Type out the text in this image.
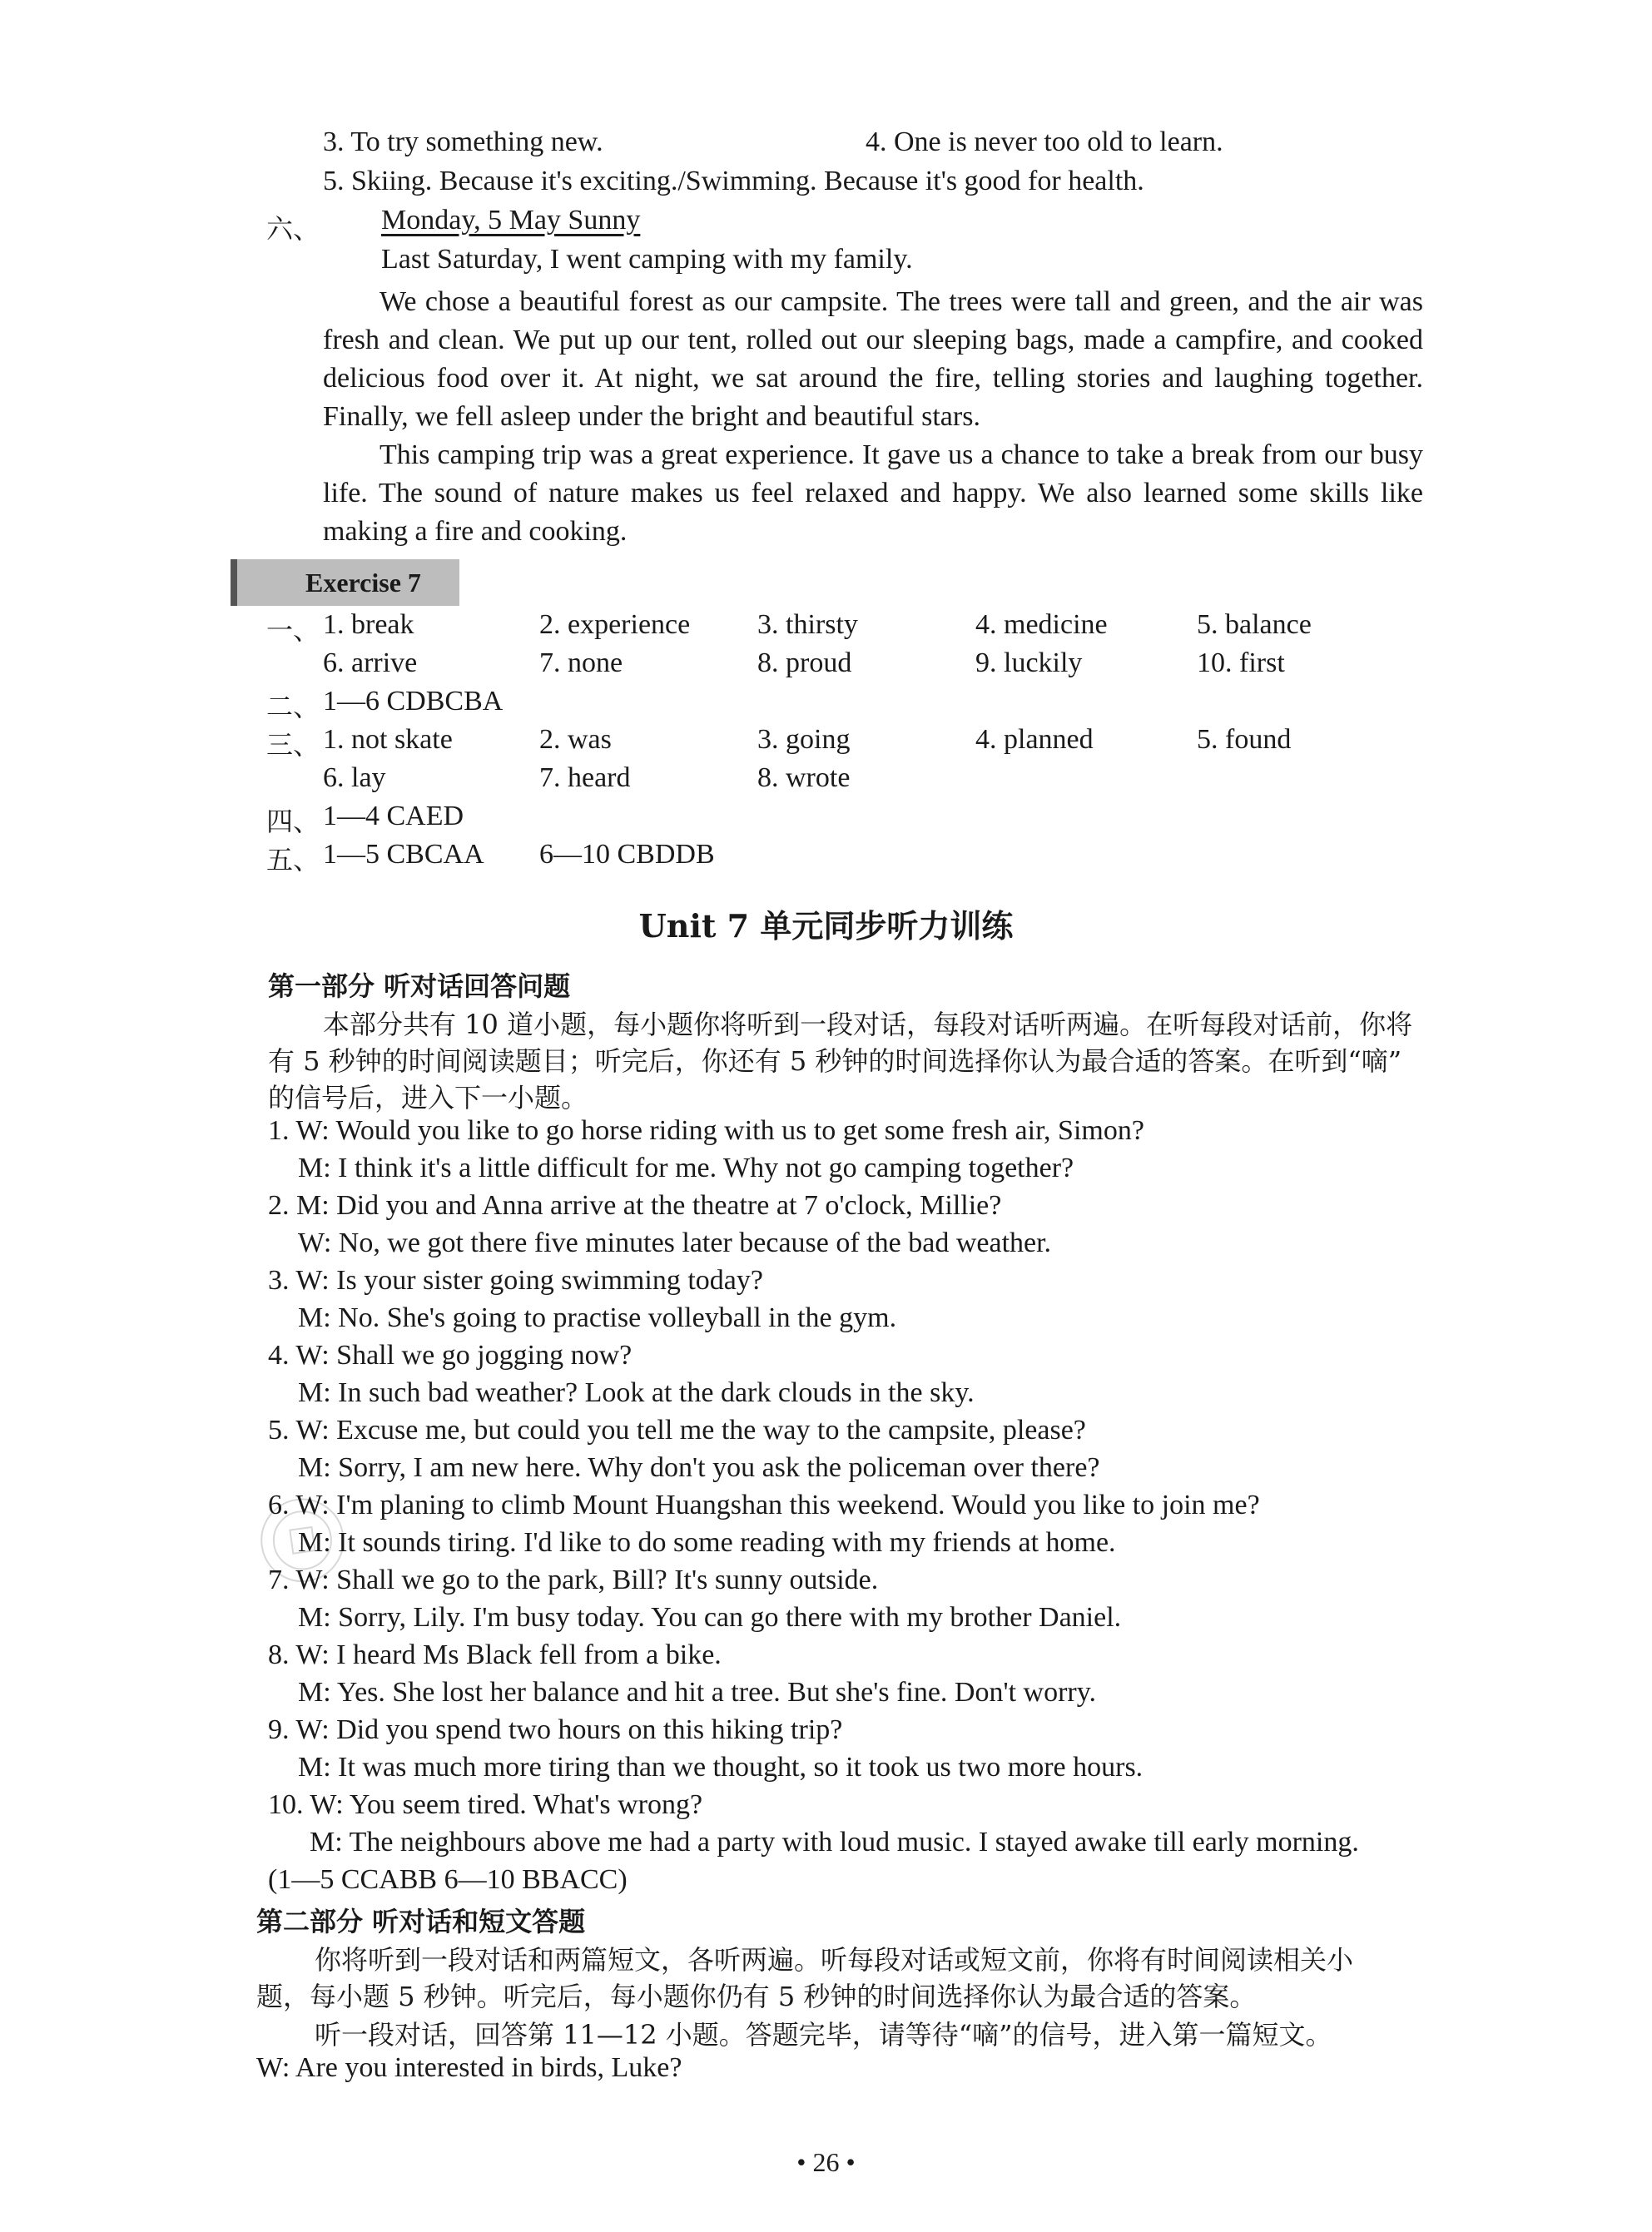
⊙
3. To try something new.	4. One is never too old to learn.
5. Skiing. Because it's exciting./Swimming. Because it's good for health.
六、 Monday, 5 May Sunny
Last Saturday, I went camping with my family.
We chose a beautiful forest as our campsite. The trees were tall and green, and the air was fresh and clean. We put up our tent, rolled out our sleeping bags, made a campfire, and cooked delicious food over it. At night, we sat around the fire, telling stories and laughing together. Finally, we fell asleep under the bright and beautiful stars.
This camping trip was a great experience. It gave us a chance to take a break from our busy life. The sound of nature makes us feel relaxed and happy. We also learned some skills like making a fire and cooking.
Exercise 7
一、 1. break	2. experience 3. thirsty	4. medicine	5. balance
6. arrive	7. none	8. proud	9. luckily	10. first
二、 1—6 CDBCBA
三、 1. not skate	2. was	3. going	4. planned	5. found
6. lay	7. heard	8. wrote
四、 1—4 CAED
五、 1—5 CBCAA 6—10 CBDDB
Unit 7 单元同步听力训练
第一部分 听对话回答问题
本部分共有 10 道小题，每小题你将听到一段对话，每段对话听两遍。在听每段对话前，你将
有 5 秒钟的时间阅读题目；听完后，你还有 5 秒钟的时间选择你认为最合适的答案。在听到“嘀”
的信号后，进入下一小题。
1. W: Would you like to go horse riding with us to get some fresh air, Simon?
M: I think it's a little difficult for me. Why not go camping together?
2. M: Did you and Anna arrive at the theatre at 7 o'clock, Millie?
W: No, we got there five minutes later because of the bad weather.
3. W: Is your sister going swimming today?
M: No. She's going to practise volleyball in the gym.
4. W: Shall we go jogging now?
M: In such bad weather? Look at the dark clouds in the sky.
5. W: Excuse me, but could you tell me the way to the campsite, please?
M: Sorry, I am new here. Why don't you ask the policeman over there?
6. W: I'm planing to climb Mount Huangshan this weekend. Would you like to join me?
M: It sounds tiring. I'd like to do some reading with my friends at home.
7. W: Shall we go to the park, Bill? It's sunny outside.
M: Sorry, Lily. I'm busy today. You can go there with my brother Daniel.
8. W: I heard Ms Black fell from a bike.
M: Yes. She lost her balance and hit a tree. But she's fine. Don't worry.
9. W: Did you spend two hours on this hiking trip?
M: It was much more tiring than we thought, so it took us two more hours.
10. W: You seem tired. What's wrong?
M: The neighbours above me had a party with loud music. I stayed awake till early morning.
(1—5 CCABB 6—10 BBACC)
第二部分 听对话和短文答题
你将听到一段对话和两篇短文，各听两遍。听每段对话或短文前，你将有时间阅读相关小
题，每小题 5 秒钟。听完后，每小题你仍有 5 秒钟的时间选择你认为最合适的答案。
听一段对话，回答第 11—12 小题。答题完毕，请等待“嘀”的信号，进入第一篇短文。
W: Are you interested in birds, Luke?
• 26 •
